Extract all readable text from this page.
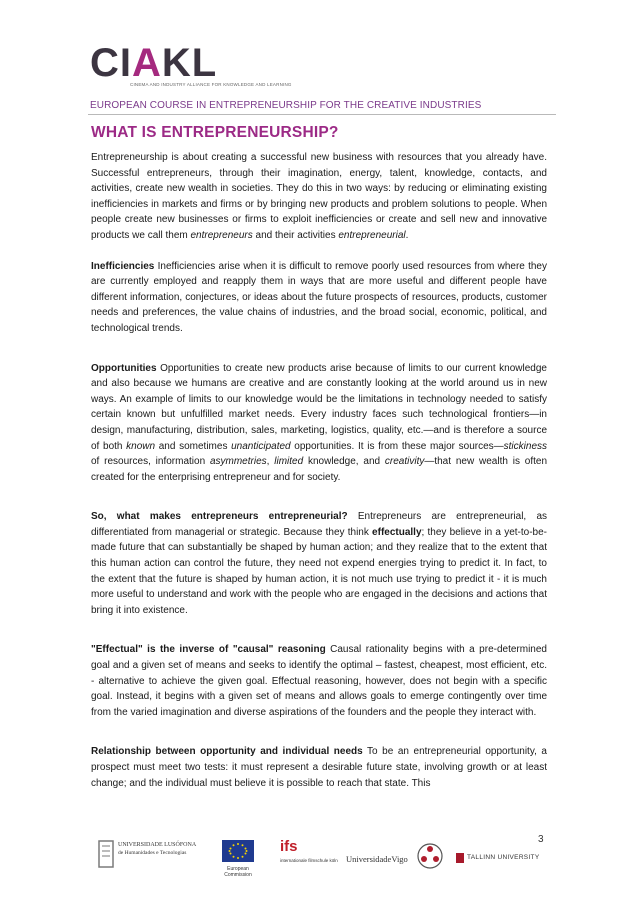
CIAKL
CINEMA AND INDUSTRY ALLIANCE FOR KNOWLEDGE AND LEARNING
EUROPEAN COURSE IN ENTREPRENEURSHIP FOR THE CREATIVE INDUSTRIES
WHAT IS ENTREPRENEURSHIP?

Entrepreneurship is about creating a successful new business with resources that you already have. Successful entrepreneurs, through their imagination, energy, talent, knowledge, contacts, and activities, create new wealth in societies. They do this in two ways: by reducing or eliminating existing inefficiencies in markets and firms or by bringing new products and problem solutions to people. When people create new businesses or firms to exploit inefficiencies or create and sell new and innovative products we call them entrepreneurs and their activities entrepreneurial.

Inefficiencies Inefficiencies arise when it is difficult to remove poorly used resources from where they are currently employed and reapply them in ways that are more useful and different people have different information, conjectures, or ideas about the future prospects of resources, products, customer needs and preferences, the value chains of industries, and the broad social, economic, political, and technological trends.

Opportunities Opportunities to create new products arise because of limits to our current knowledge and also because we humans are creative and are constantly looking at the world around us in new ways. An example of limits to our knowledge would be the limitations in technology needed to satisfy certain known but unfulfilled market needs. Every industry faces such technological frontiers—in design, manufacturing, distribution, sales, marketing, logistics, quality, etc.—and is therefore a source of both known and sometimes unanticipated opportunities. It is from these major sources—stickiness of resources, information asymmetries, limited knowledge, and creativity—that new wealth is often created for the enterprising entrepreneur and for society.

So, what makes entrepreneurs entrepreneurial? Entrepreneurs are entrepreneurial, as differentiated from managerial or strategic. Because they think effectually; they believe in a yet-to-be-made future that can substantially be shaped by human action; and they realize that to the extent that this human action can control the future, they need not expend energies trying to predict it. In fact, to the extent that the future is shaped by human action, it is not much use trying to predict it - it is much more useful to understand and work with the people who are engaged in the decisions and actions that bring it into existence.

"Effectual" is the inverse of "causal" reasoning Causal rationality begins with a pre-determined goal and a given set of means and seeks to identify the optimal – fastest, cheapest, most efficient, etc. - alternative to achieve the given goal. Effectual reasoning, however, does not begin with a specific goal. Instead, it begins with a given set of means and allows goals to emerge contingently over time from the varied imagination and diverse aspirations of the founders and the people they interact with.

Relationship between opportunity and individual needs To be an entrepreneurial opportunity, a prospect must meet two tests: it must represent a desirable future state, involving growth or at least change; and the individual must believe it is possible to reach that state. This

3
UNIVERSIDADE LUSÓFONA
de Humanidades e Tecnologias
European Commission
ifs
internationale filmschule köln UniversidadeVigo	TALLINN UNIVERSITY
